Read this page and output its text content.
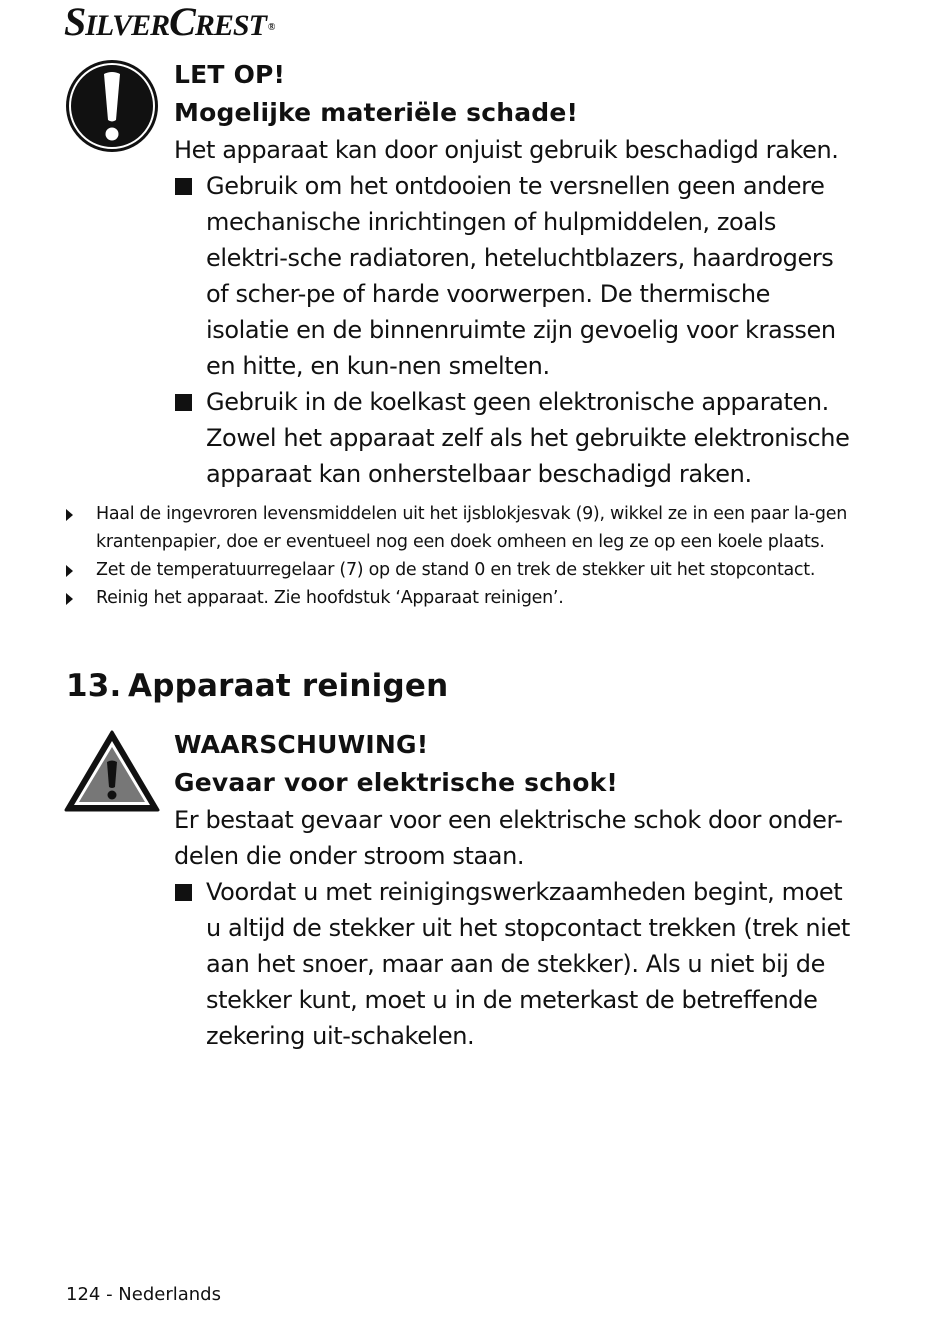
SILVERCREST ®
LET OP!
Mogelijke materiële schade!
Het apparaat kan door onjuist gebruik beschadigd raken.
Gebruik om het ontdooien te versnellen geen andere mechanische inrichtingen of hulpmiddelen, zoals elektri-sche radiatoren, heteluchtblazers, haardrogers of scher-pe of harde voorwerpen. De thermische isolatie en de binnenruimte zijn gevoelig voor krassen en hitte, en kun-nen smelten.
Gebruik in de koelkast geen elektronische apparaten. Zowel het apparaat zelf als het gebruikte elektronische apparaat kan onherstelbaar beschadigd raken.
Haal de ingevroren levensmiddelen uit het ijsblokjesvak (9), wikkel ze in een paar la-gen krantenpapier, doe er eventueel nog een doek omheen en leg ze op een koele plaats.
Zet de temperatuurregelaar (7) op de stand 0 en trek de stekker uit het stopcontact.
Reinig het apparaat. Zie hoofdstuk ‘Apparaat reinigen’.
13. Apparaat reinigen
WAARSCHUWING!
Gevaar voor elektrische schok!
Er bestaat gevaar voor een elektrische schok door onder-delen die onder stroom staan.
Voordat u met reinigingswerkzaamheden begint, moet u altijd de stekker uit het stopcontact trekken (trek niet aan het snoer, maar aan de stekker). Als u niet bij de stekker kunt, moet u in de meterkast de betreffende zekering uit-schakelen.
124 - Nederlands
